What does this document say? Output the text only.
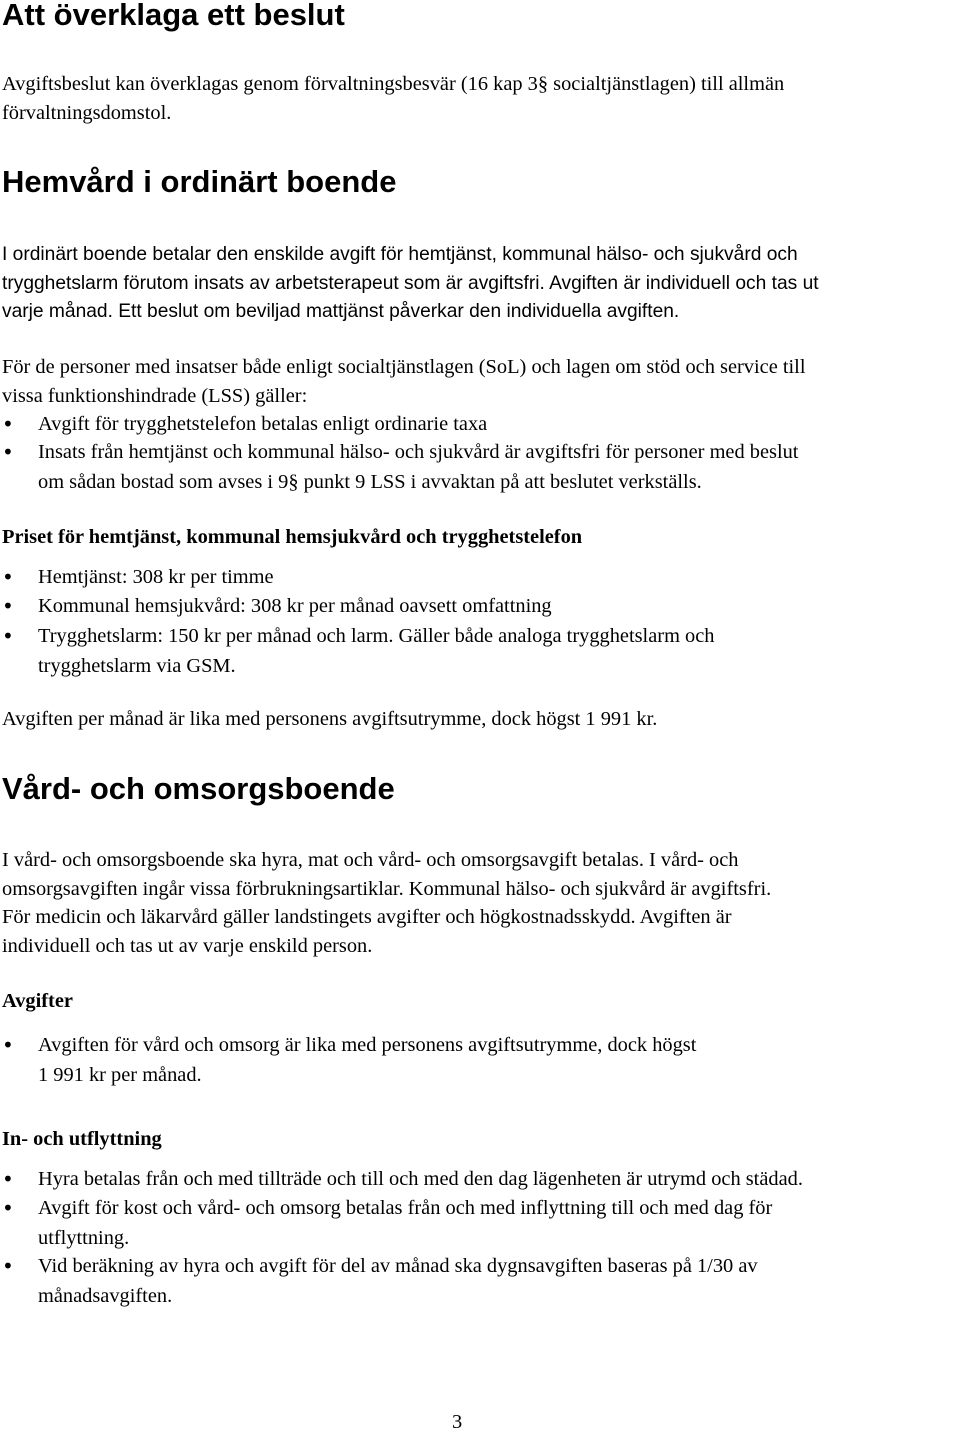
Att överklaga ett beslut

Avgiftsbeslut kan överklagas genom förvaltningsbesvär (16 kap 3§ socialtjänstlagen) till allmän
förvaltningsdomstol.

Hemvård i ordinärt boende

I ordinärt boende betalar den enskilde avgift för hemtjänst, kommunal hälso- och sjukvård och
trygghetslarm förutom insats av arbetsterapeut som är avgiftsfri. Avgiften är individuell och tas ut
varje månad. Ett beslut om beviljad mattjänst påverkar den individuella avgiften.

För de personer med insatser både enligt socialtjänstlagen (SoL) och lagen om stöd och service till
vissa funktionshindrade (LSS) gäller:

• Avgift för trygghetstelefon betalas enligt ordinarie taxa
• Insats från hemtjänst och kommunal hälso- och sjukvård är avgiftsfri för personer med beslut
om sådan bostad som avses i 9§ punkt 9 LSS i avvaktan på att beslutet verkställs.
Priset för hemtjänst, kommunal hemsjukvård och trygghetstelefon
• Hemtjänst: 308 kr per timme
• Kommunal hemsjukvård: 308 kr per månad oavsett omfattning
• Trygghetslarm: 150 kr per månad och larm. Gäller både analoga trygghetslarm och
trygghetslarm via GSM.

Avgiften per månad är lika med personens avgiftsutrymme, dock högst 1 991 kr.

Vård- och omsorgsboende

I vård- och omsorgsboende ska hyra, mat och vård- och omsorgsavgift betalas. I vård- och
omsorgsavgiften ingår vissa förbrukningsartiklar. Kommunal hälso- och sjukvård är avgiftsfri.
För medicin och läkarvård gäller landstingets avgifter och högkostnadsskydd. Avgiften är
individuell och tas ut av varje enskild person.

Avgifter
• Avgiften för vård och omsorg är lika med personens avgiftsutrymme, dock högst
1 991 kr per månad.
In- och utflyttning
• Hyra betalas från och med tillträde och till och med den dag lägenheten är utrymd och städad.
• Avgift för kost och vård- och omsorg betalas från och med inflyttning till och med dag för
utflyttning.
• Vid beräkning av hyra och avgift för del av månad ska dygnsavgiften baseras på 1/30 av
månadsavgiften.
3
